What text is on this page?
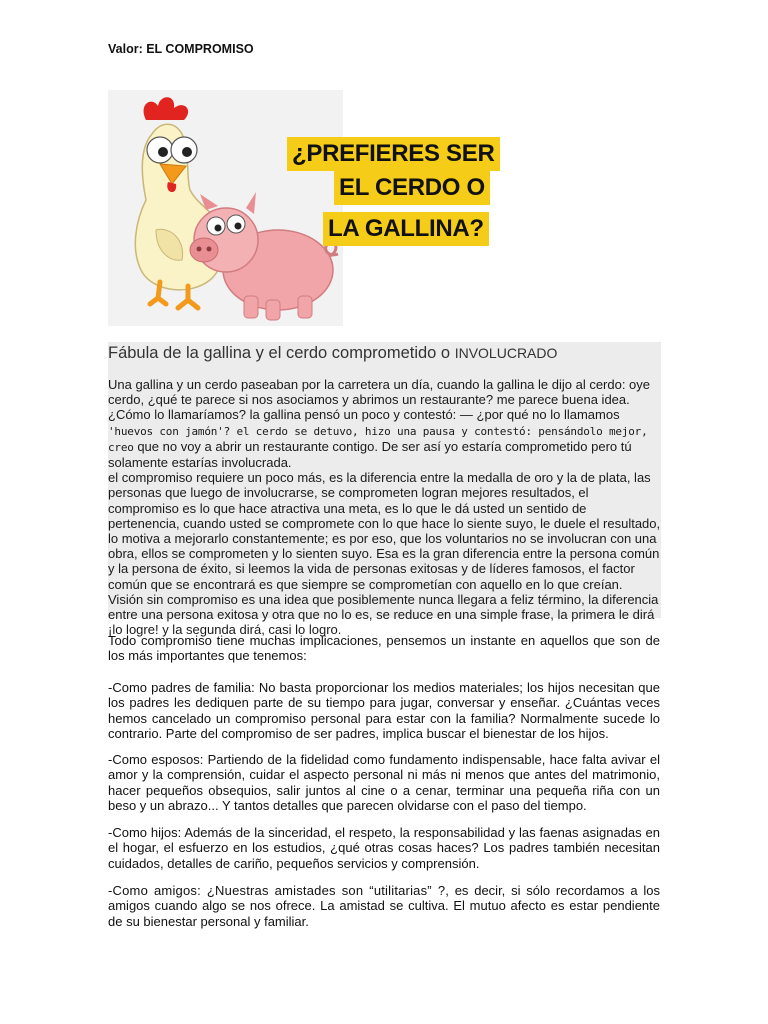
Valor: EL COMPROMISO
¿PREFIERES SER
EL CERDO O
LA GALLINA?
Fábula de la gallina y el cerdo comprometido o INVOLUCRADO

Una gallina y un cerdo paseaban por la carretera un día, cuando la gallina le dijo al cerdo: oye cerdo, ¿qué te parece si nos asociamos y abrimos un restaurante? me parece buena idea. ¿Cómo lo llamaríamos? la gallina pensó un poco y contestó: — ¿por qué no lo llamamos 'huevos con jamón'? el cerdo se detuvo, hizo una pausa y contestó: pensándolo mejor, creo que no voy a abrir un restaurante contigo. De ser así yo estaría comprometido pero tú solamente estarías involucrada.

el compromiso requiere un poco más, es la diferencia entre la medalla de oro y la de plata, las personas que luego de involucrarse, se comprometen logran mejores resultados, el compromiso es lo que hace atractiva una meta, es lo que le dá usted un sentido de pertenencia, cuando usted se compromete con lo que hace lo siente suyo, le duele el resultado, lo motiva a mejorarlo constantemente; es por eso, que los voluntarios no se involucran con una obra, ellos se comprometen y lo sienten suyo. Esa es la gran diferencia entre la persona común y la persona de éxito, si leemos la vida de personas exitosas y de líderes famosos, el factor común que se encontrará es que siempre se comprometían con aquello en lo que creían. Visión sin compromiso es una idea que posiblemente nunca llegara a feliz término, la diferencia entre una persona exitosa y otra que no lo es, se reduce en una simple frase, la primera le dirá ¡lo logre! y la segunda dirá, casi lo logro.

Todo compromiso tiene muchas implicaciones, pensemos un instante en aquellos que son de los más importantes que tenemos:
-Como padres de familia: No basta proporcionar los medios materiales; los hijos necesitan que los padres les dediquen parte de su tiempo para jugar, conversar y enseñar. ¿Cuántas veces hemos cancelado un compromiso personal para estar con la familia? Normalmente sucede lo contrario. Parte del compromiso de ser padres, implica buscar el bienestar de los hijos.
-Como esposos: Partiendo de la fidelidad como fundamento indispensable, hace falta avivar el amor y la comprensión, cuidar el aspecto personal ni más ni menos que antes del matrimonio, hacer pequeños obsequios, salir juntos al cine o a cenar, terminar una pequeña riña con un beso y un abrazo... Y tantos detalles que parecen olvidarse con el paso del tiempo.
-Como hijos: Además de la sinceridad, el respeto, la responsabilidad y las faenas asignadas en el hogar, el esfuerzo en los estudios, ¿qué otras cosas haces? Los padres también necesitan cuidados, detalles de cariño, pequeños servicios y comprensión.
-Como amigos: ¿Nuestras amistades son “utilitarias” ?, es decir, si sólo recordamos a los amigos cuando algo se nos ofrece. La amistad se cultiva. El mutuo afecto es estar pendiente de su bienestar personal y familiar.
